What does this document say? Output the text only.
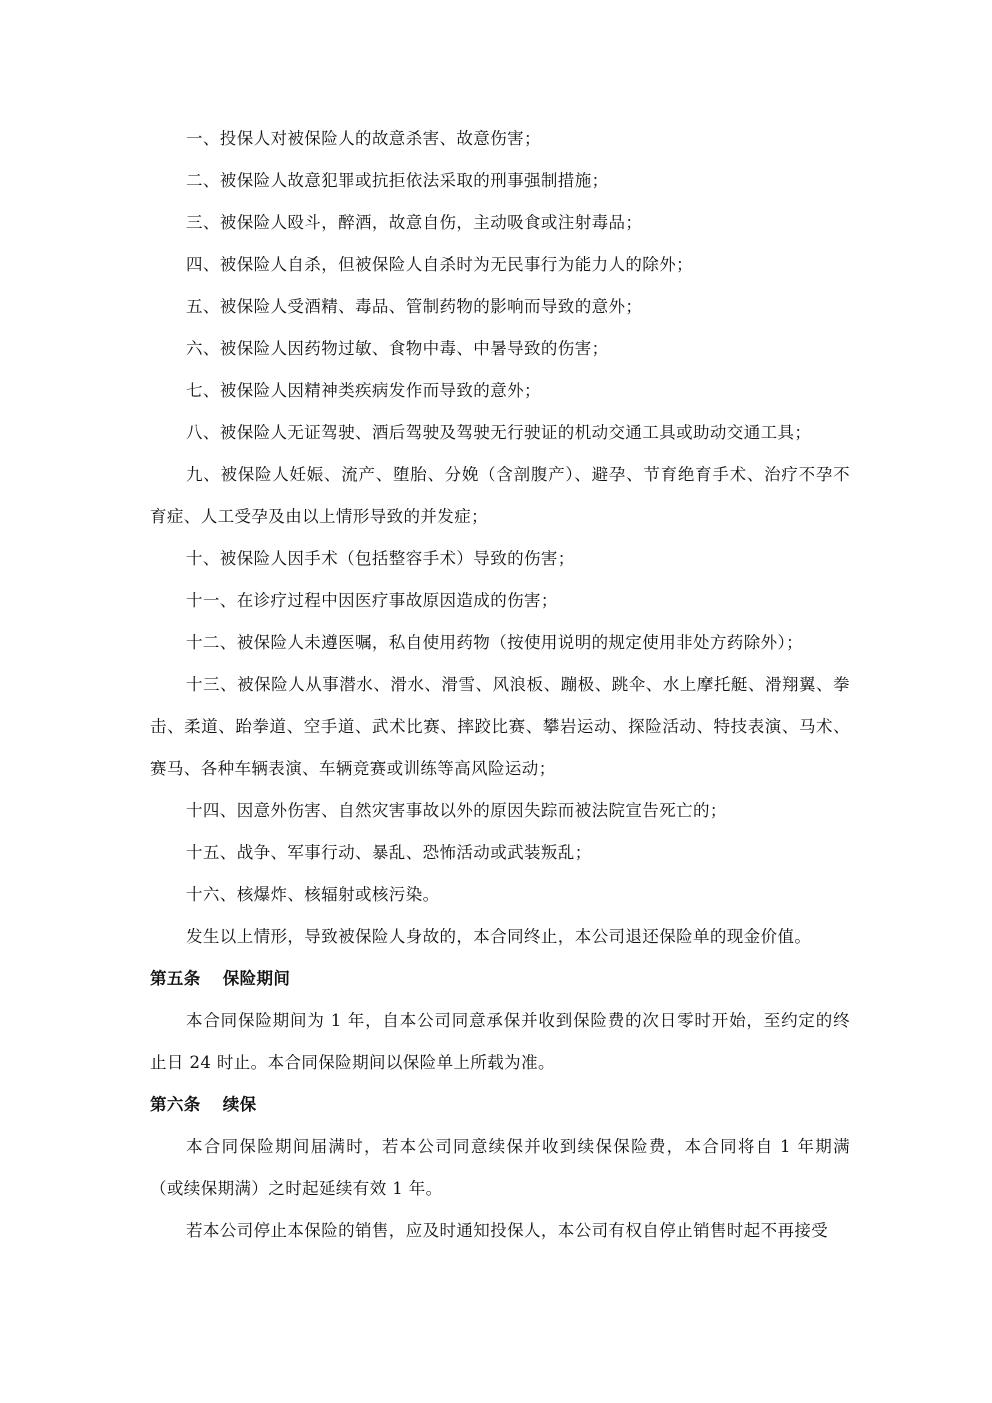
一、投保人对被保险人的故意杀害、故意伤害；

二、被保险人故意犯罪或抗拒依法采取的刑事强制措施；

三、被保险人殴斗，醉酒，故意自伤，主动吸食或注射毒品；

四、被保险人自杀，但被保险人自杀时为无民事行为能力人的除外；

五、被保险人受酒精、毒品、管制药物的影响而导致的意外；

六、被保险人因药物过敏、食物中毒、中暑导致的伤害；

七、被保险人因精神类疾病发作而导致的意外；

八、被保险人无证驾驶、酒后驾驶及驾驶无行驶证的机动交通工具或助动交通工具；

九、被保险人妊娠、流产、堕胎、分娩（含剖腹产）、避孕、节育绝育手术、治疗不孕不育症、人工受孕及由以上情形导致的并发症；

十、被保险人因手术（包括整容手术）导致的伤害；

十一、在诊疗过程中因医疗事故原因造成的伤害；

十二、被保险人未遵医嘱，私自使用药物（按使用说明的规定使用非处方药除外）；

十三、被保险人从事潜水、滑水、滑雪、风浪板、蹦极、跳伞、水上摩托艇、滑翔翼、拳击、柔道、跆拳道、空手道、武术比赛、摔跤比赛、攀岩运动、探险活动、特技表演、马术、赛马、各种车辆表演、车辆竞赛或训练等高风险运动；

十四、因意外伤害、自然灾害事故以外的原因失踪而被法院宣告死亡的；

十五、战争、军事行动、暴乱、恐怖活动或武装叛乱；

十六、核爆炸、核辐射或核污染。

发生以上情形，导致被保险人身故的，本合同终止，本公司退还保险单的现金价值。

第五条 保险期间

本合同保险期间为 1 年，自本公司同意承保并收到保险费的次日零时开始，至约定的终止日 24 时止。本合同保险期间以保险单上所载为准。

第六条 续保

本合同保险期间届满时，若本公司同意续保并收到续保保险费，本合同将自 1 年期满（或续保期满）之时起延续有效 1 年。

若本公司停止本保险的销售，应及时通知投保人，本公司有权自停止销售时起不再接受
